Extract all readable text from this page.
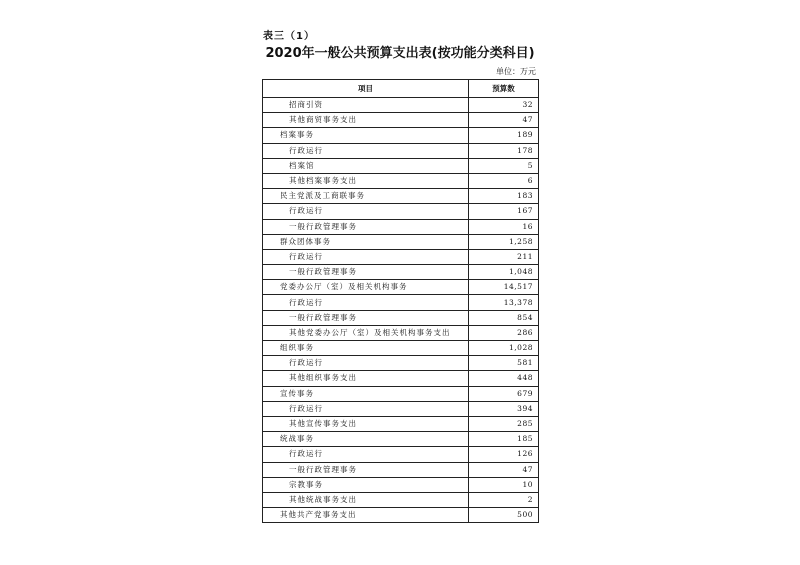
表三（1）
2020年一般公共预算支出表(按功能分类科目)
单位：万元
项目	预算数
招商引资	32
其他商贸事务支出	47
档案事务	189
行政运行	178
档案馆	5
其他档案事务支出	6
民主党派及工商联事务	183
行政运行	167
一般行政管理事务	16
群众团体事务	1,258
行政运行	211
一般行政管理事务	1,048
党委办公厅（室）及相关机构事务	14,517
行政运行	13,378
一般行政管理事务	854
其他党委办公厅（室）及相关机构事务支出	286
组织事务	1,028
行政运行	581
其他组织事务支出	448
宣传事务	679
行政运行	394
其他宣传事务支出	285
统战事务	185
行政运行	126
一般行政管理事务	47
宗教事务	10
其他统战事务支出	2
其他共产党事务支出	500
